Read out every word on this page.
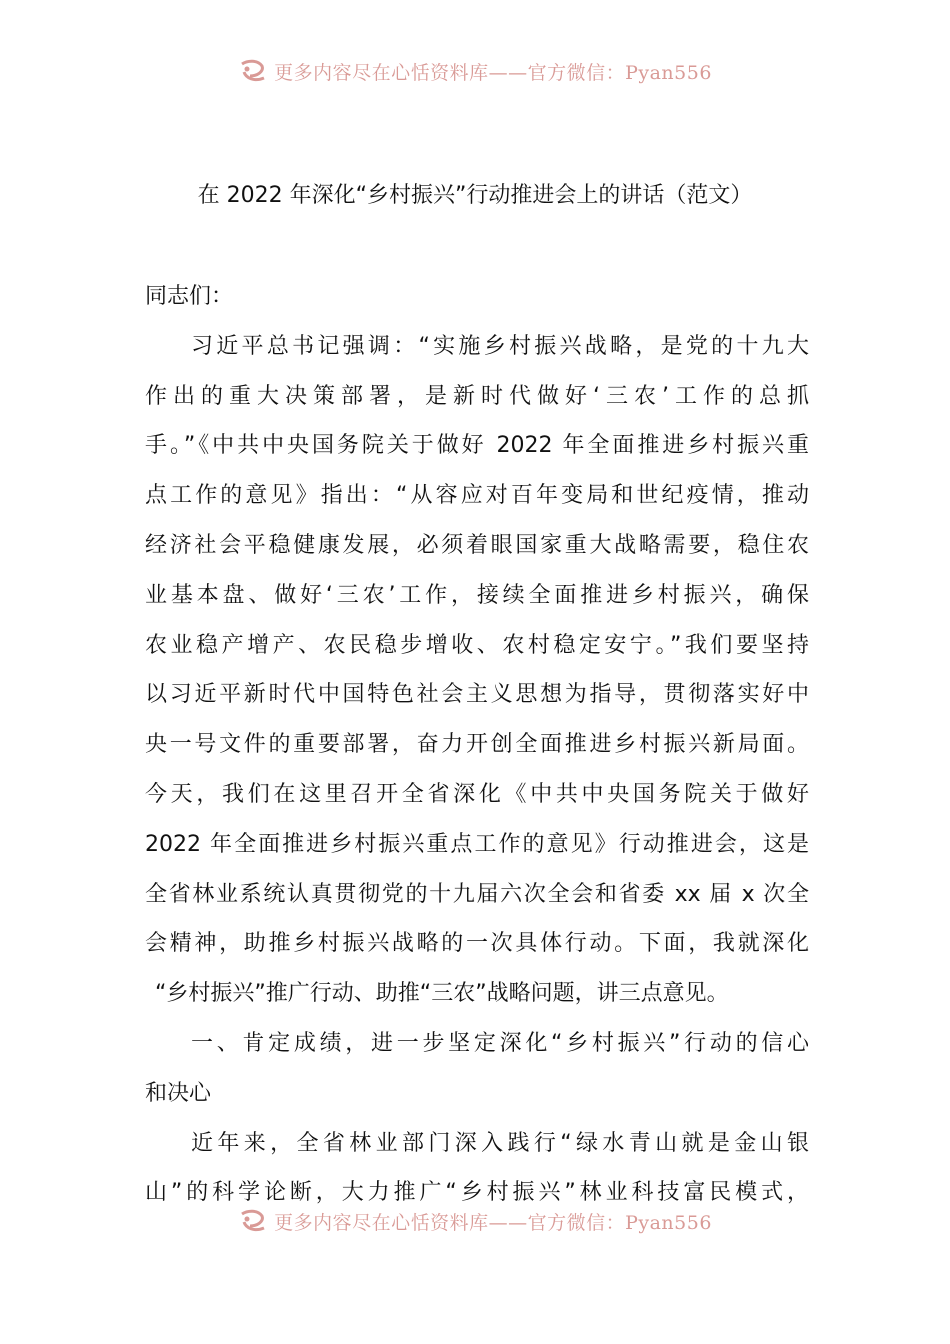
更多内容尽在心恬资料库——官方微信：Pyan556
在 2022 年深化“乡村振兴”行动推进会上的讲话（范文）
同志们：
习近平总书记强调：“实施乡村振兴战略，是党的十九大
作出的重大决策部署，是新时代做好‘三农’工作的总抓
手。”《中共中央国务院关于做好 2022 年全面推进乡村振兴重
点工作的意见》指出：“从容应对百年变局和世纪疫情，推动
经济社会平稳健康发展，必须着眼国家重大战略需要，稳住农
业基本盘、做好‘三农’工作，接续全面推进乡村振兴，确保
农业稳产增产、农民稳步增收、农村稳定安宁。”我们要坚持
以习近平新时代中国特色社会主义思想为指导，贯彻落实好中
央一号文件的重要部署，奋力开创全面推进乡村振兴新局面。
今天，我们在这里召开全省深化《中共中央国务院关于做好
2022 年全面推进乡村振兴重点工作的意见》行动推进会，这是
全省林业系统认真贯彻党的十九届六次全会和省委 xx 届 x 次全
会精神，助推乡村振兴战略的一次具体行动。下面，我就深化
“乡村振兴”推广行动、助推“三农”战略问题，讲三点意见。
一、肯定成绩，进一步坚定深化“乡村振兴”行动的信心
和决心
近年来，全省林业部门深入践行“绿水青山就是金山银
山”的科学论断，大力推广“乡村振兴”林业科技富民模式，
更多内容尽在心恬资料库——官方微信：Pyan556
